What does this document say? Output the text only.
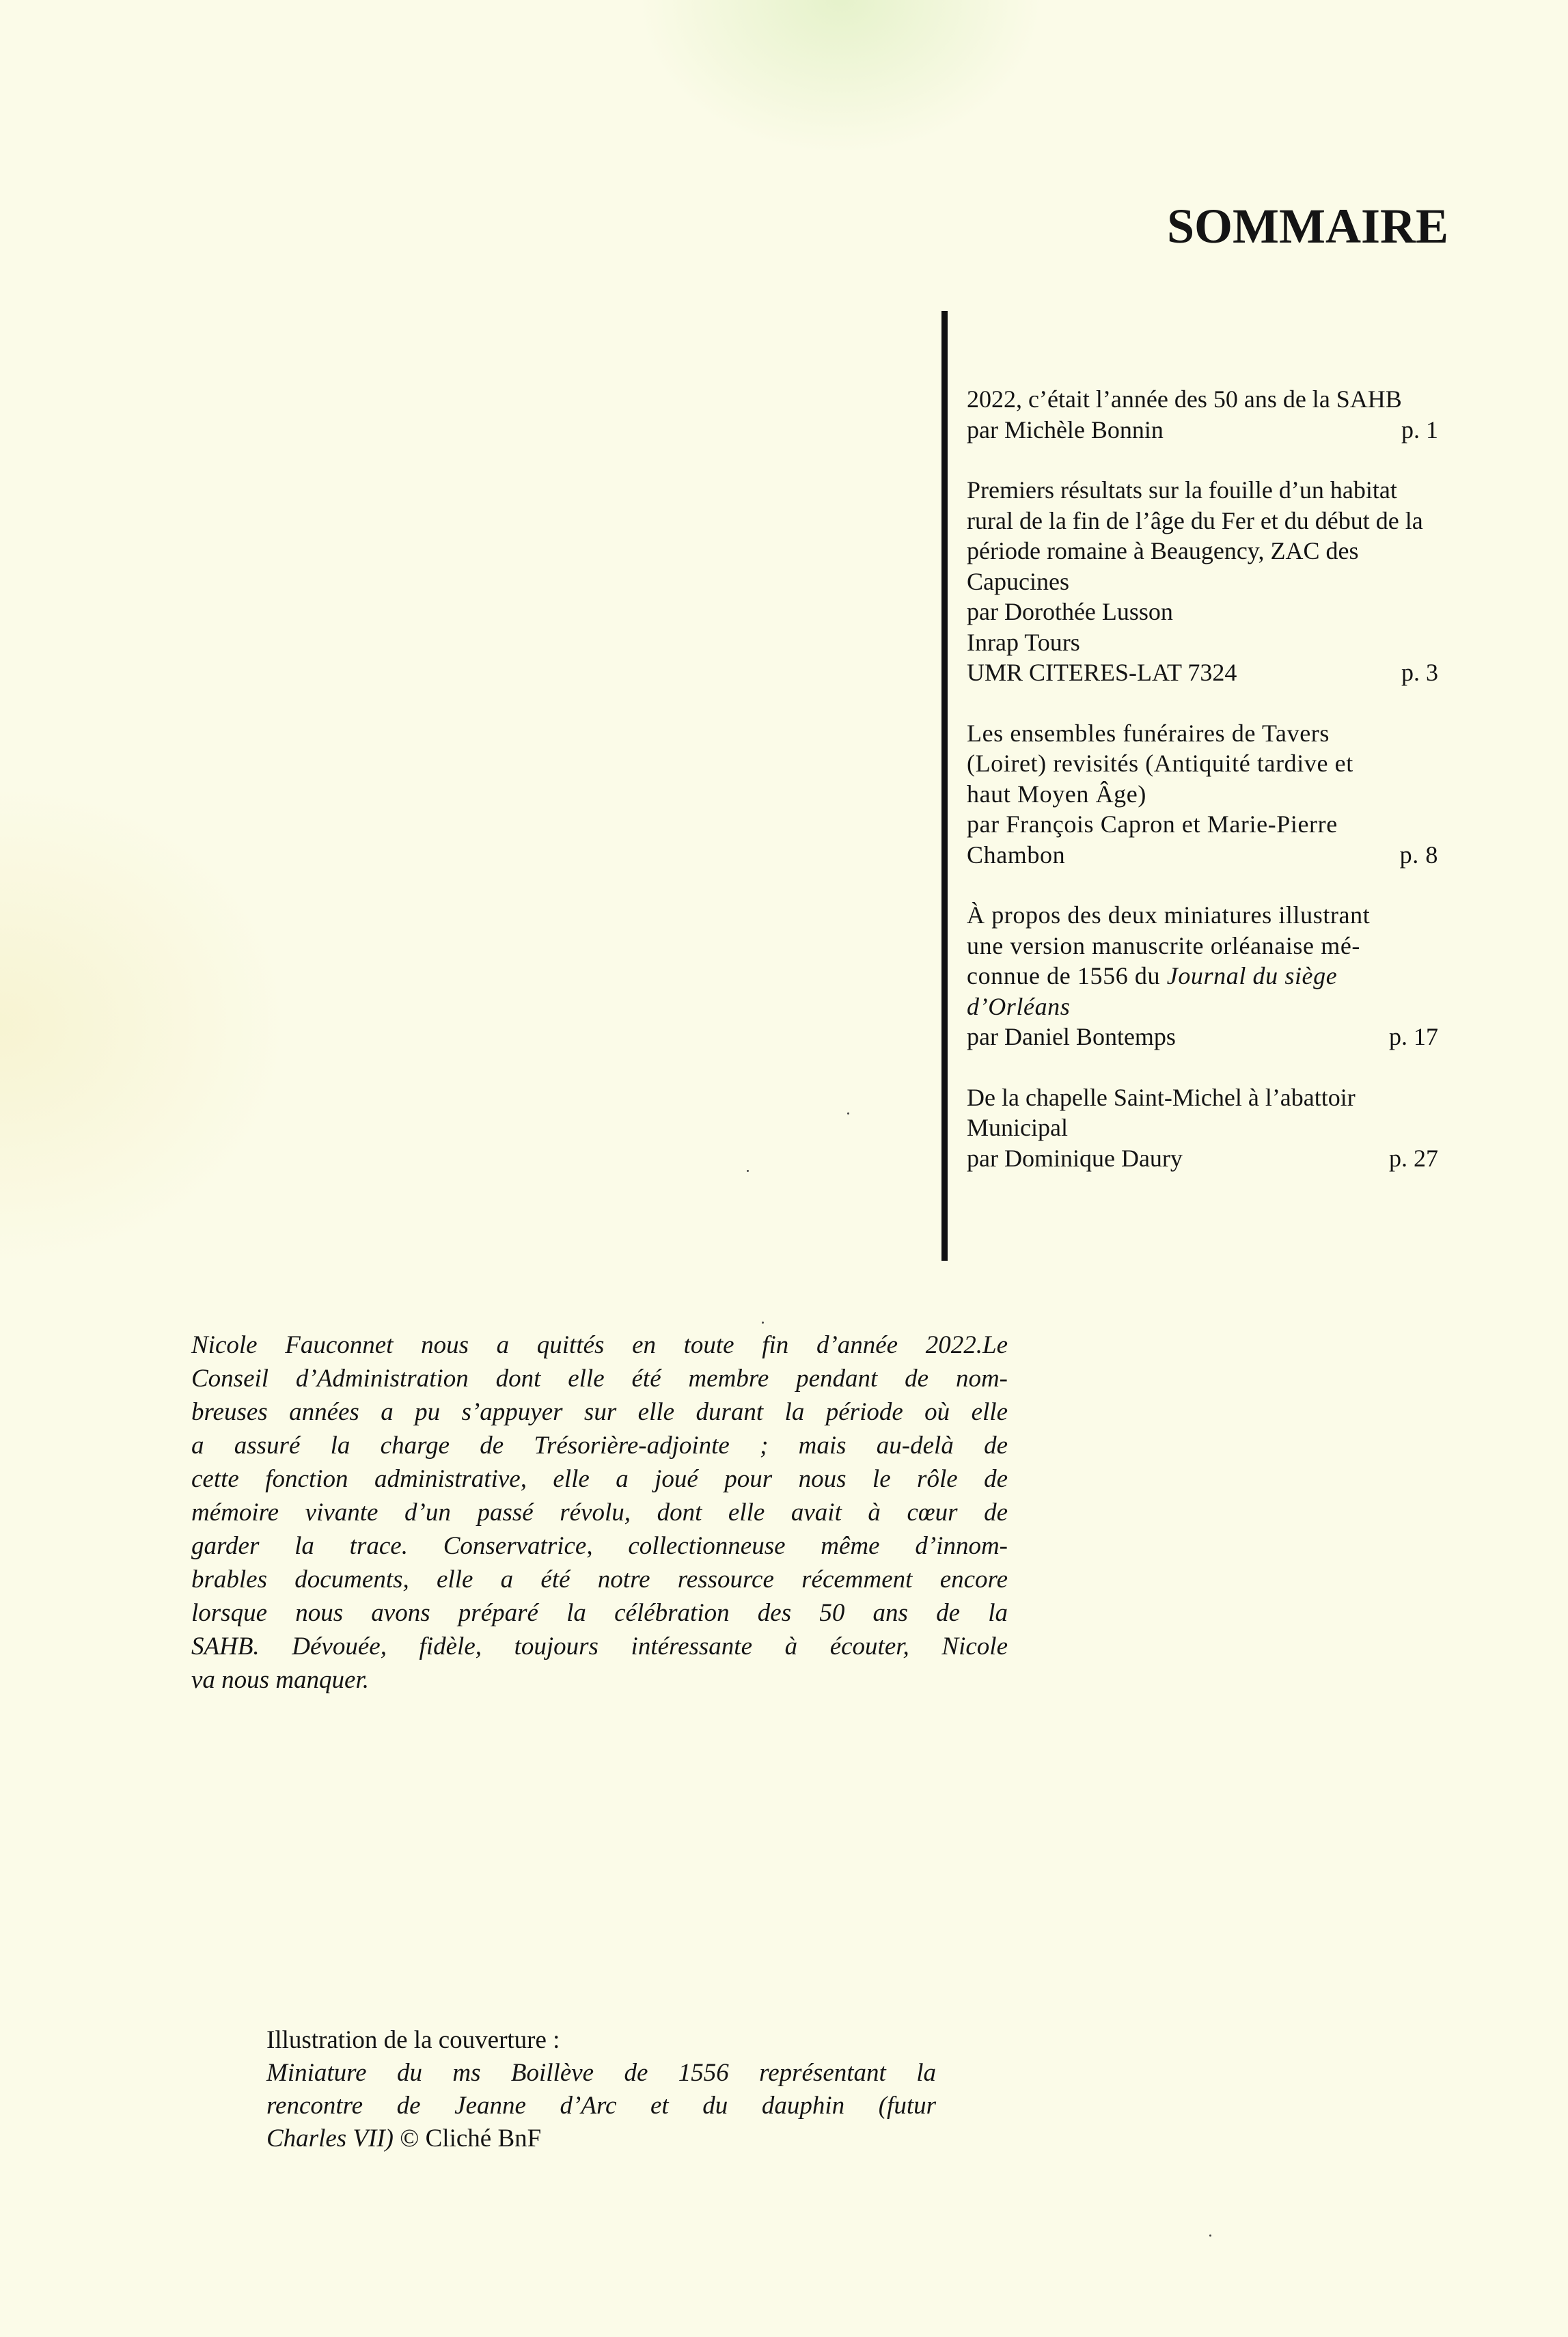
SOMMAIRE
2022, c’était l’année des 50 ans de la SAHB
par Michèle Bonnin	p. 1
Premiers résultats sur la fouille d’un habitat
rural de la fin de l’âge du Fer et du début de la
période romaine à Beaugency, ZAC des
Capucines
par Dorothée Lusson
Inrap Tours
UMR CITERES-LAT 7324	p. 3
Les ensembles funéraires de Tavers
(Loiret) revisités (Antiquité tardive et
haut Moyen Âge)
par François Capron et Marie-Pierre
Chambon	p. 8
À propos des deux miniatures illustrant
une version manuscrite orléanaise mé-
connue de 1556 du Journal du siège
d’Orléans
par Daniel Bontemps	p. 17
De la chapelle Saint-Michel à l’abattoir
Municipal
par Dominique Daury	p. 27
Nicole Fauconnet nous a quittés en toute fin d’année 2022.Le
Conseil d’Administration dont elle été membre pendant de nom-
breuses années a pu s’appuyer sur elle durant la période où elle
a assuré la charge de Trésorière-adjointe ; mais au-delà de
cette fonction administrative, elle a joué pour nous le rôle de
mémoire vivante d’un passé révolu, dont elle avait à cœur de
garder la trace. Conservatrice, collectionneuse même d’innom-
brables documents, elle a été notre ressource récemment encore
lorsque nous avons préparé la célébration des 50 ans de la
SAHB. Dévouée, fidèle, toujours intéressante à écouter, Nicole
va nous manquer.
Illustration de la couverture :
Miniature du ms Boillève de 1556 représentant la
rencontre de Jeanne d’Arc et du dauphin (futur
Charles VII) © Cliché BnF
